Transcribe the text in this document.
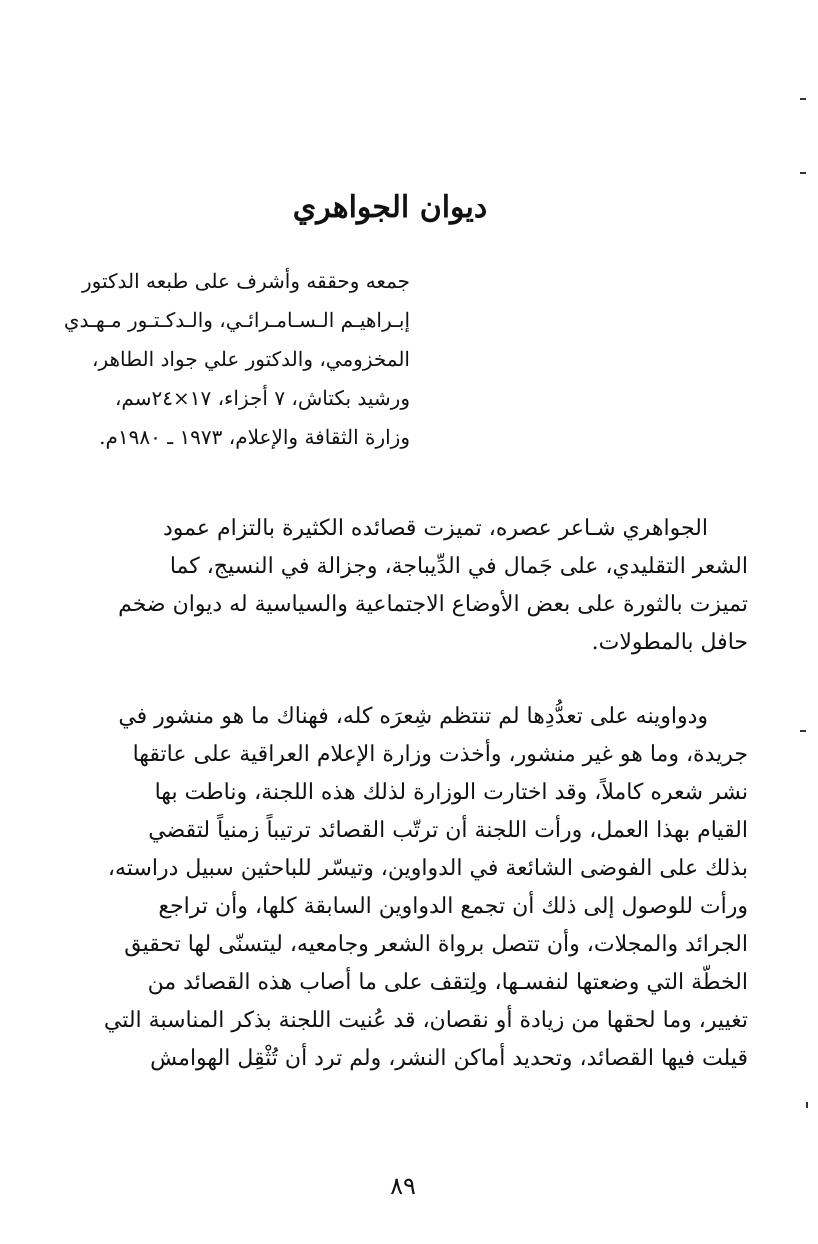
ديوان الجواهري
جمعه وحققه وأشرف على طبعه الدكتور
إبـراهيـم الـسـامـرائـي، والـدكـتـور مـهـدي
المخزومي، والدكتور علي جواد الطاهر،
ورشيد بكتاش، ٧ أجزاء، ١٧×٢٤سم،
وزارة الثقافة والإعلام، ١٩٧٣ ـ ١٩٨٠م.
الجواهري شـاعر عصره، تميزت قصائده الكثيرة بالتزام عمود
الشعر التقليدي، على جَمال في الدِّيباجة، وجزالة في النسيج، كما
تميزت بالثورة على بعض الأوضاع الاجتماعية والسياسية له ديوان ضخم
حافل بالمطولات.
ودواوينه على تعدُّدِها لم تنتظم شِعرَه كله، فهناك ما هو منشور في
جريدة، وما هو غير منشور، وأخذت وزارة الإعلام العراقية على عاتقها
نشر شعره كاملاً، وقد اختارت الوزارة لذلك هذه اللجنة، وناطت بها
القيام بهذا العمل، ورأت اللجنة أن ترتّب القصائد ترتيباً زمنياً لتقضي
بذلك على الفوضى الشائعة في الدواوين، وتيسّر للباحثين سبيل دراسته،
ورأت للوصول إلى ذلك أن تجمع الدواوين السابقة كلها، وأن تراجع
الجرائد والمجلات، وأن تتصل برواة الشعر وجامعيه، ليتسنّى لها تحقيق
الخطّة التي وضعتها لنفسـها، ولِتقف على ما أصاب هذه القصائد من
تغيير، وما لحقها من زيادة أو نقصان، قد عُنيت اللجنة بذكر المناسبة التي
قيلت فيها القصائد، وتحديد أماكن النشر، ولم ترد أن تُثْقِل الهوامش
٨٩
